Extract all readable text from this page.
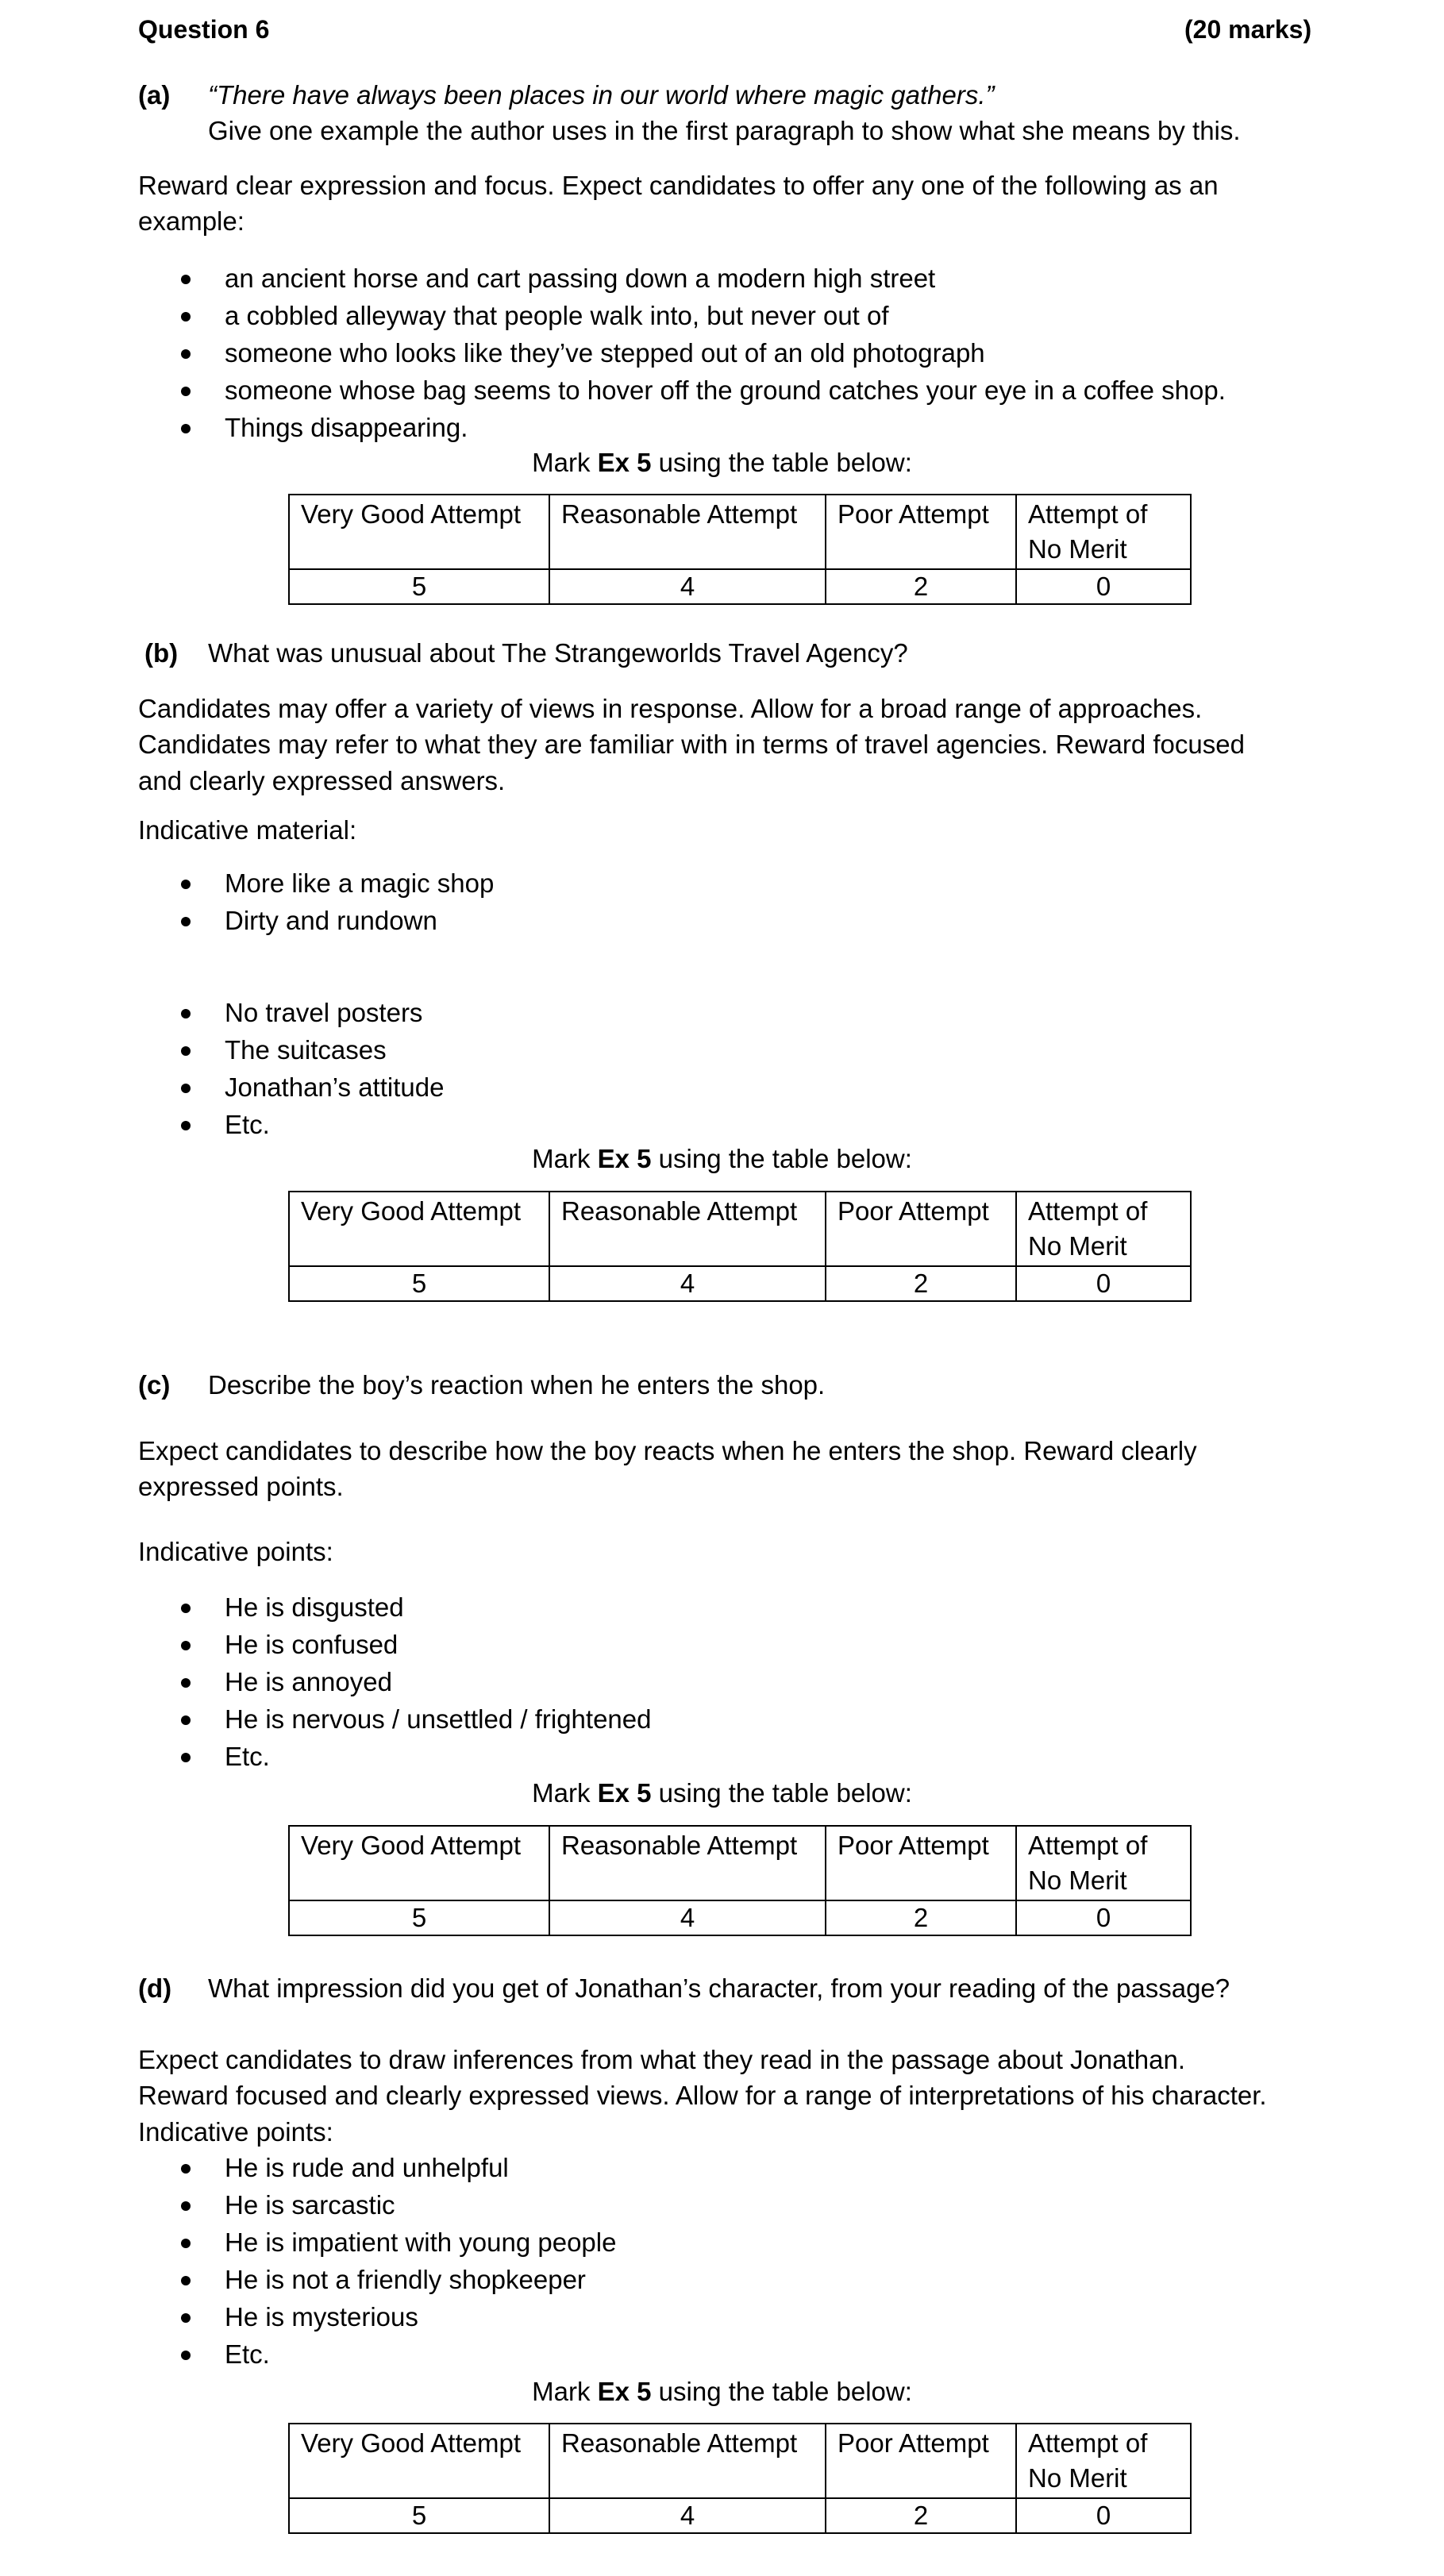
Question 6	(20 marks)
(a) “There have always been places in our world where magic gathers.”
Give one example the author uses in the first paragraph to show what she means by this.
Reward clear expression and focus. Expect candidates to offer any one of the following as an
example:
an ancient horse and cart passing down a modern high street
a cobbled alleyway that people walk into, but never out of
someone who looks like they’ve stepped out of an old photograph
someone whose bag seems to hover off the ground catches your eye in a coffee shop.
Things disappearing.
Mark Ex 5 using the table below:
Very Good Attempt	Reasonable Attempt	Poor Attempt	Attempt of No Merit
5	4	2	0
(b) What was unusual about The Strangeworlds Travel Agency?
Candidates may offer a variety of views in response. Allow for a broad range of approaches.
Candidates may refer to what they are familiar with in terms of travel agencies. Reward focused
and clearly expressed answers.
Indicative material:
More like a magic shop
Dirty and rundown
No travel posters
The suitcases
Jonathan’s attitude
Etc.
Mark Ex 5 using the table below:
Very Good Attempt	Reasonable Attempt	Poor Attempt	Attempt of No Merit
5	4	2	0
(c) Describe the boy’s reaction when he enters the shop.
Expect candidates to describe how the boy reacts when he enters the shop. Reward clearly
expressed points.
Indicative points:
He is disgusted
He is confused
He is annoyed
He is nervous / unsettled / frightened
Etc.
Mark Ex 5 using the table below:
Very Good Attempt	Reasonable Attempt	Poor Attempt	Attempt of No Merit
5	4	2	0
(d) What impression did you get of Jonathan’s character, from your reading of the passage?
Expect candidates to draw inferences from what they read in the passage about Jonathan.
Reward focused and clearly expressed views. Allow for a range of interpretations of his character.
Indicative points:
He is rude and unhelpful
He is sarcastic
He is impatient with young people
He is not a friendly shopkeeper
He is mysterious
Etc.
Mark Ex 5 using the table below:
Very Good Attempt	Reasonable Attempt	Poor Attempt	Attempt of No Merit
5	4	2	0
